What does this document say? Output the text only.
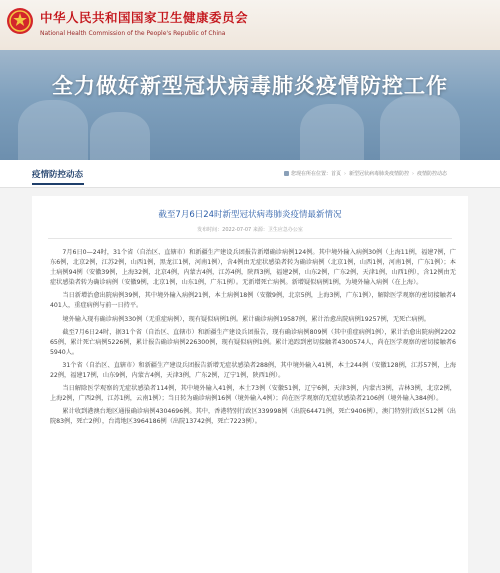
中华人民共和国国家卫生健康委员会
National Health Commission of the People's Republic of China
全力做好新型冠状病毒肺炎疫情防控工作
疫情防控动态	您现在所在位置：首页 › 新型冠状病毒肺炎疫情防控 › 疫情防控动态
截至7月6日24时新型冠状病毒肺炎疫情最新情况
发布时间：2022-07-07 来源：卫生应急办公室

7月6日0—24时，31个省（自治区、直辖市）和新疆生产建设兵团报告新增确诊病例124例。其中境外输入病例30例（上海11例，福建7例，广东6例，北京2例，江苏2例，山西1例，黑龙江1例，河南1例），含4例由无症状感染者转为确诊病例（北京1例，山西1例，河南1例，广东1例）；本土病例94例（安徽39例，上海32例，北京4例，内蒙古4例，江苏4例，陕西3例，福建2例，山东2例，广东2例，天津1例，山西1例），含12例由无症状感染者转为确诊病例（安徽9例，北京1例，山东1例，广东1例）。无新增死亡病例。新增疑似病例1例，为境外输入病例（在上海）。

当日新增治愈出院病例39例，其中境外输入病例21例，本土病例18例（安徽9例，北京5例，上海3例，广东1例），解除医学观察的密切接触者4401人，重症病例与前一日持平。

境外输入现有确诊病例330例（无重症病例），现有疑似病例1例。累计确诊病例19587例，累计治愈出院病例19257例，无死亡病例。

截至7月6日24时，据31个省（自治区、直辖市）和新疆生产建设兵团报告，现有确诊病例809例（其中重症病例1例），累计治愈出院病例220265例，累计死亡病例5226例，累计报告确诊病例226300例，现有疑似病例1例。累计追踪到密切接触者4300574人，尚在医学观察的密切接触者65940人。

31个省（自治区、直辖市）和新疆生产建设兵团报告新增无症状感染者288例，其中境外输入41例，本土244例（安徽128例，江苏57例，上海22例，福建17例，山东9例，内蒙古4例，天津3例，广东2例，辽宁1例，陕西1例）。

当日解除医学观察的无症状感染者114例，其中境外输入41例，本土73例（安徽51例，辽宁6例，天津3例，内蒙古3例，吉林3例，北京2例，上海2例，广西2例，江苏1例，云南1例）；当日转为确诊病例16例（境外输入4例）；尚在医学观察的无症状感染者2106例（境外输入384例）。

累计收到港澳台地区通报确诊病例4304696例。其中，香港特别行政区339998例（出院64471例，死亡9406例），澳门特别行政区512例（出院83例，死亡2例），台湾地区3964186例（出院13742例，死亡7223例）。
